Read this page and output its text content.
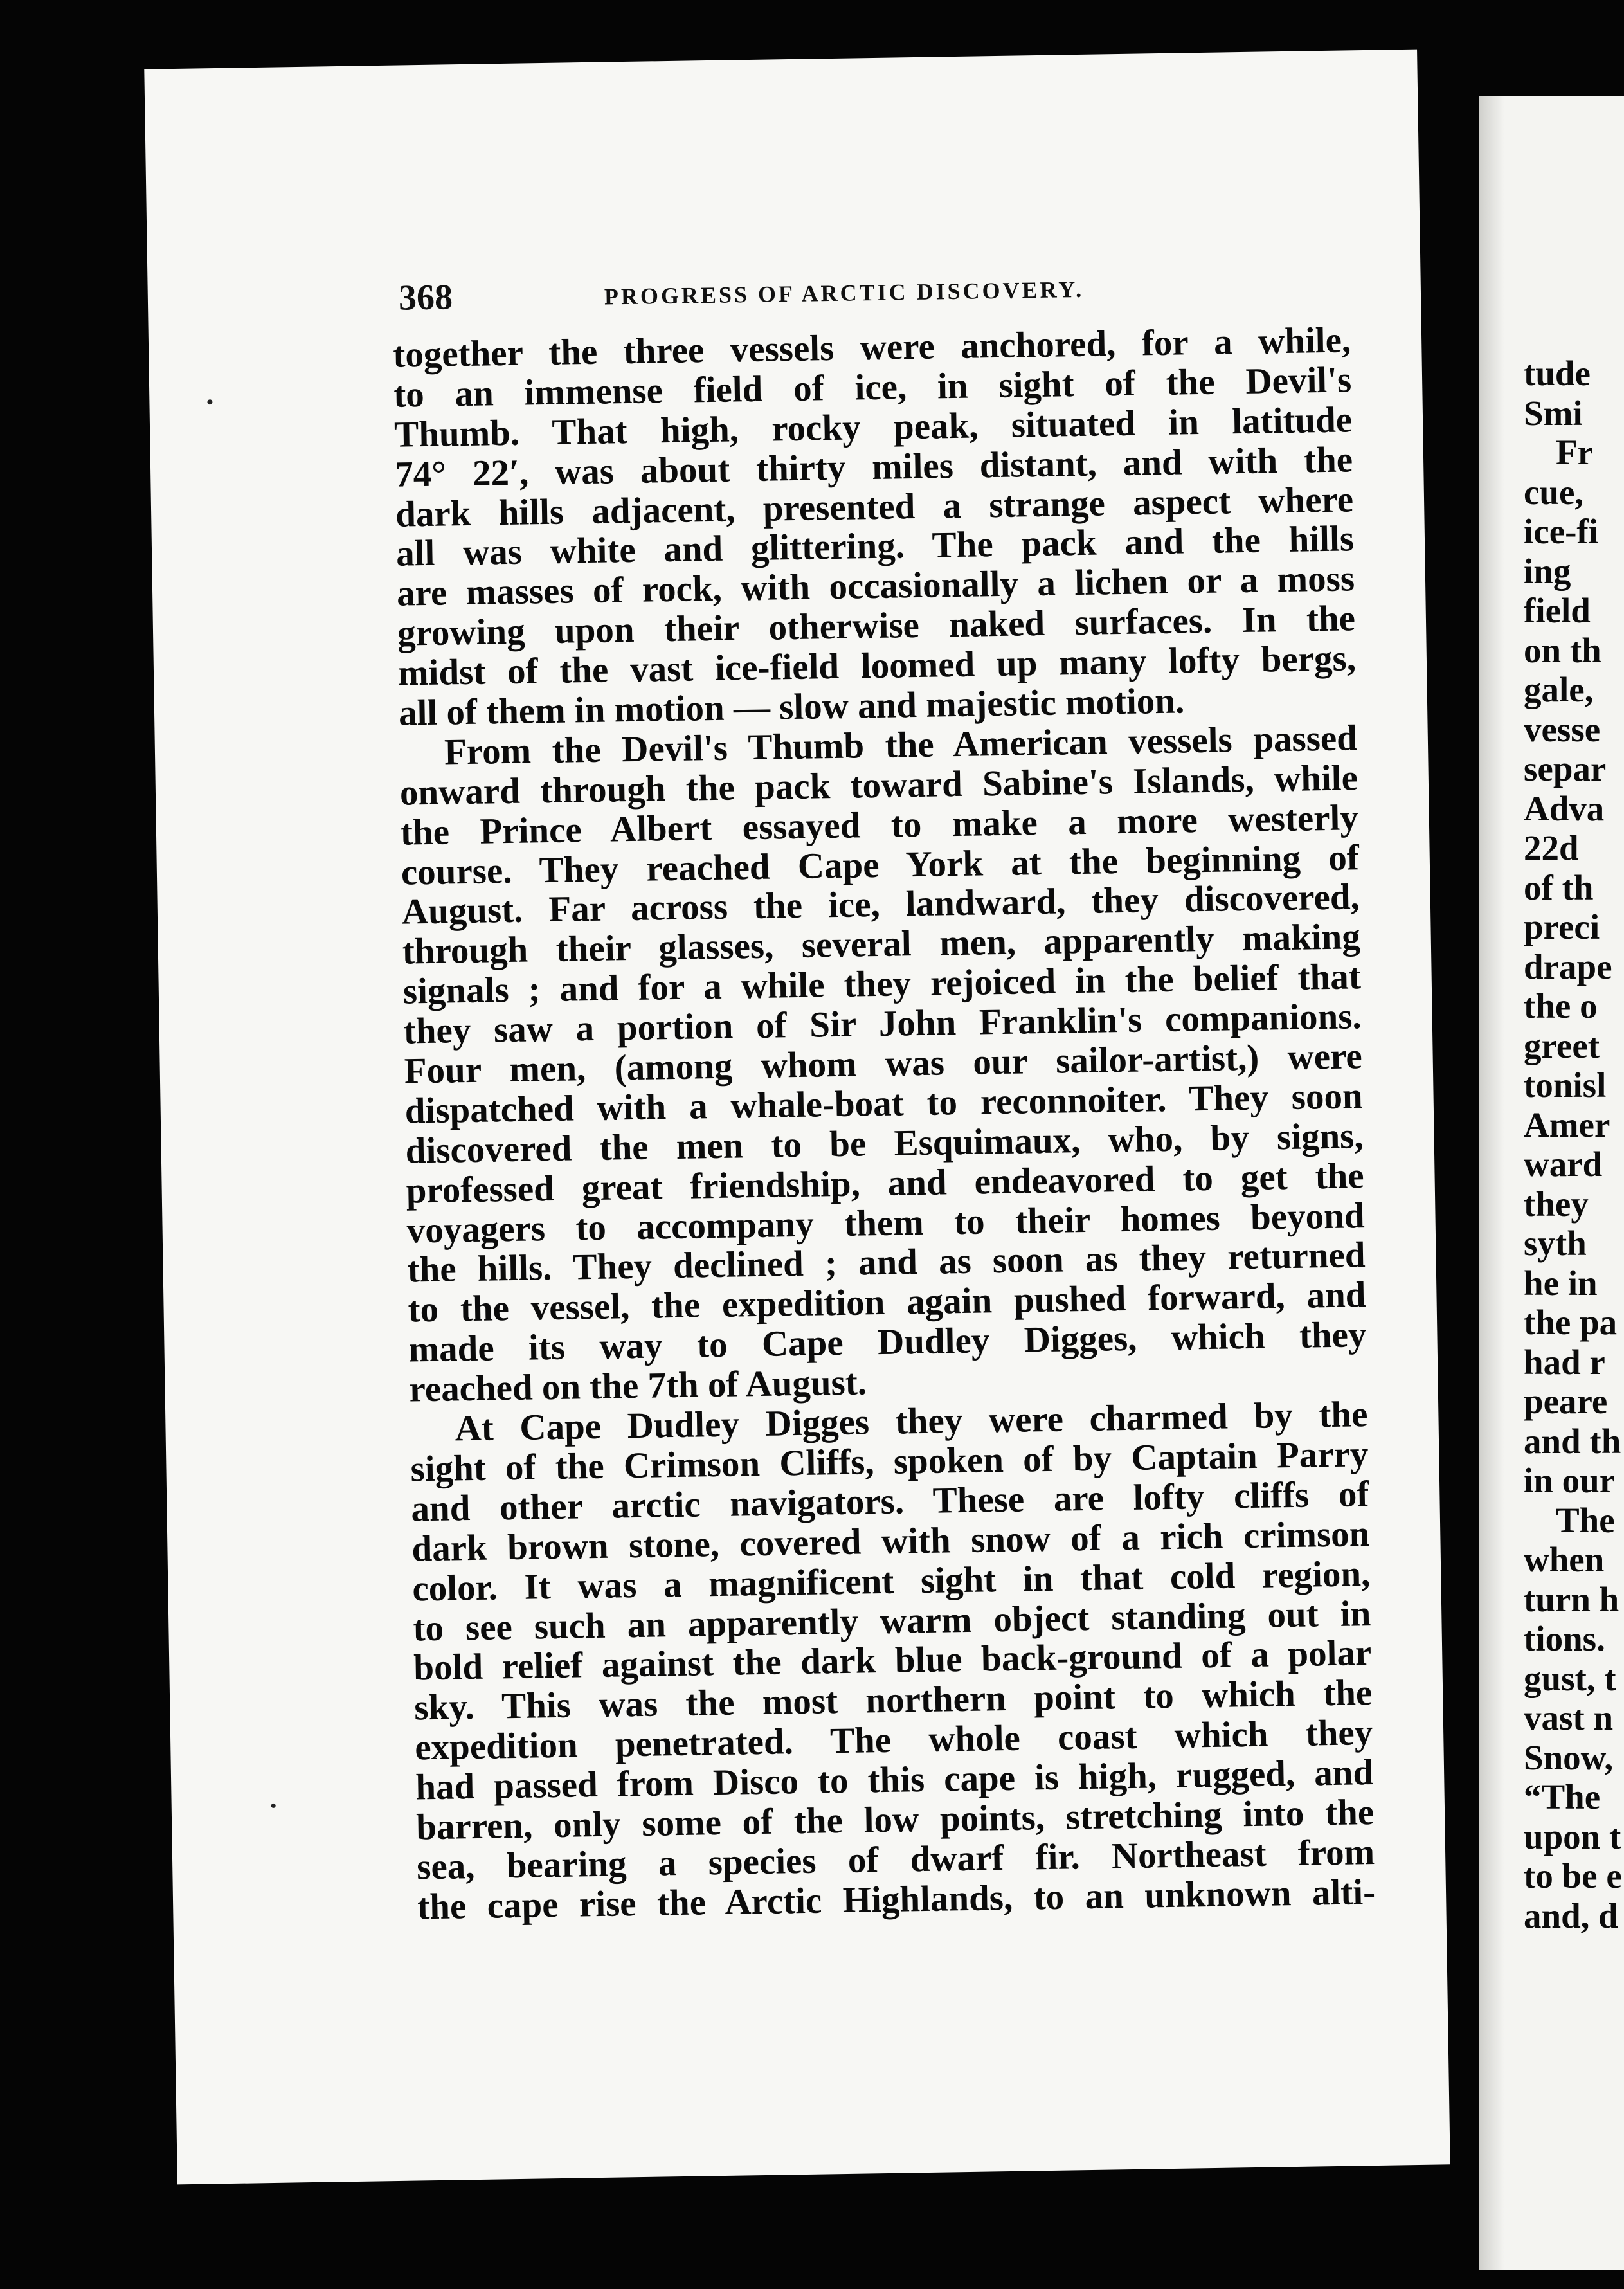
tude
Smi
Fr
cue,
ice-fi
ing
field
on th
gale,
vesse
separ
Adva
22d
of th
preci
drape
the o
greet
tonisl
Amer
ward
they
syth
he in
the pa
had r
peare
and th
in our
The
when
turn h
tions.
gust, t
vast n
Snow,
“The
upon t
to be e
and, d
368	PROGRESS OF ARCTIC DISCOVERY.
together the three vessels were anchored, for a while,
to an immense field of ice, in sight of the Devil's
Thumb. That high, rocky peak, situated in latitude
74° 22′, was about thirty miles distant, and with the
dark hills adjacent, presented a strange aspect where
all was white and glittering. The pack and the hills
are masses of rock, with occasionally a lichen or a moss
growing upon their otherwise naked surfaces. In the
midst of the vast ice-field loomed up many lofty bergs,
all of them in motion — slow and majestic motion.
From the Devil's Thumb the American vessels passed
onward through the pack toward Sabine's Islands, while
the Prince Albert essayed to make a more westerly
course. They reached Cape York at the beginning of
August. Far across the ice, landward, they discovered,
through their glasses, several men, apparently making
signals ; and for a while they rejoiced in the belief that
they saw a portion of Sir John Franklin's companions.
Four men, (among whom was our sailor-artist,) were
dispatched with a whale-boat to reconnoiter. They soon
discovered the men to be Esquimaux, who, by signs,
professed great friendship, and endeavored to get the
voyagers to accompany them to their homes beyond
the hills. They declined ; and as soon as they returned
to the vessel, the expedition again pushed forward, and
made its way to Cape Dudley Digges, which they
reached on the 7th of August.
At Cape Dudley Digges they were charmed by the
sight of the Crimson Cliffs, spoken of by Captain Parry
and other arctic navigators. These are lofty cliffs of
dark brown stone, covered with snow of a rich crimson
color. It was a magnificent sight in that cold region,
to see such an apparently warm object standing out in
bold relief against the dark blue back-ground of a polar
sky. This was the most northern point to which the
expedition penetrated. The whole coast which they
had passed from Disco to this cape is high, rugged, and
barren, only some of the low points, stretching into the
sea, bearing a species of dwarf fir. Northeast from
the cape rise the Arctic Highlands, to an unknown alti-
